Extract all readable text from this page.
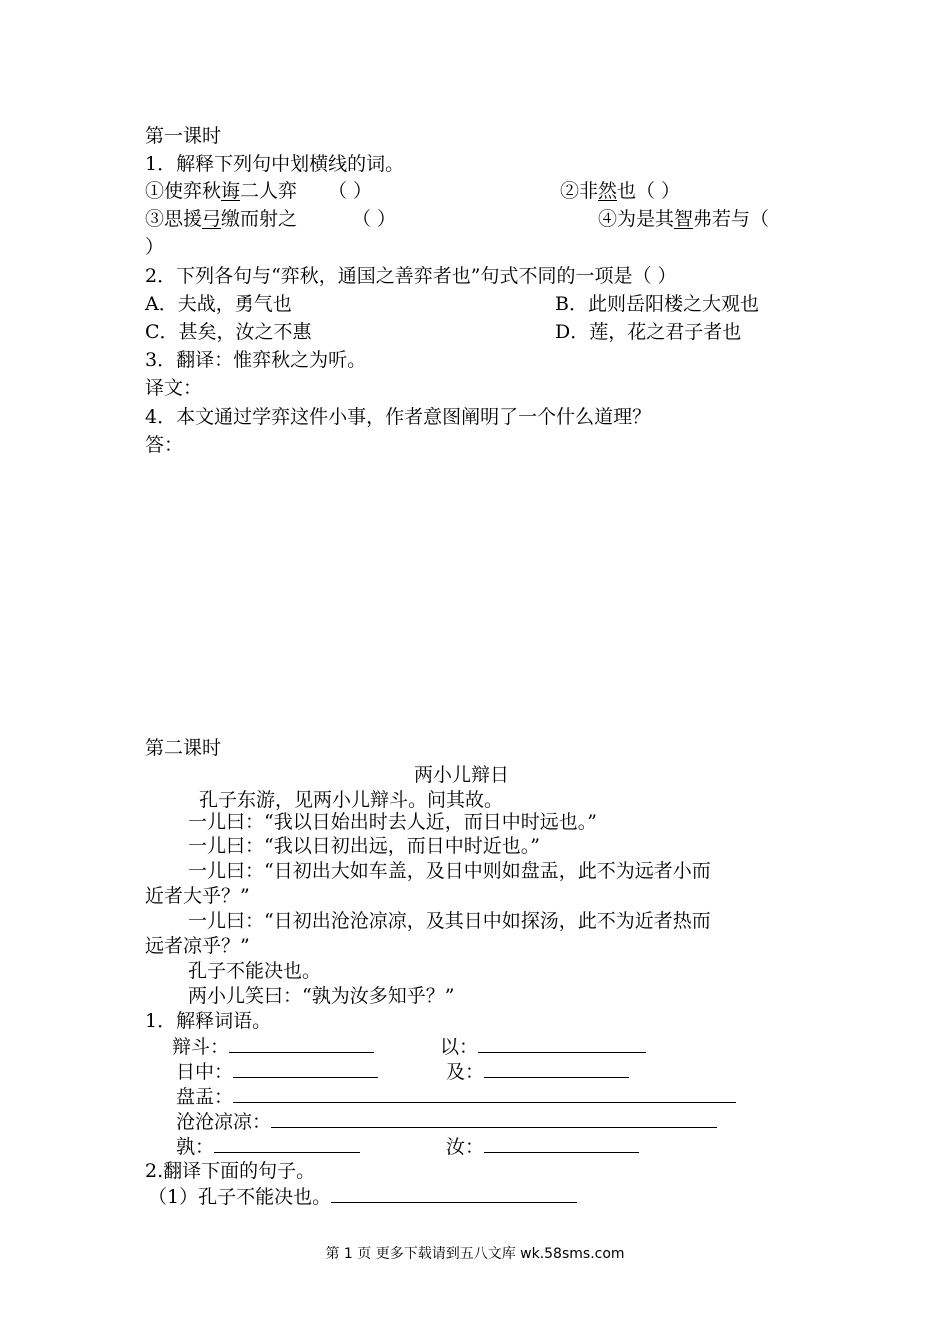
第一课时
1．解释下列句中划横线的词。
①使弈秋诲二人弈 （ ）	②非然也（ ）
③思援弓缴而射之	（ ）	④为是其智弗若与（
）
2．下列各句与“弈秋，通国之善弈者也”句式不同的一项是（ ）
A．夫战，勇气也	B．此则岳阳楼之大观也
C．甚矣，汝之不惠	D．莲，花之君子者也
3．翻译：惟弈秋之为听。
译文：
4．本文通过学弈这件小事，作者意图阐明了一个什么道理？
答：
第二课时
两小儿辩日
孔子东游，见两小儿辩斗。问其故。
一儿曰：“我以日始出时去人近，而日中时远也。”
一儿曰：“我以日初出远，而日中时近也。”
一儿曰：“日初出大如车盖，及日中则如盘盂，此不为远者小而
近者大乎？”
一儿曰：“日初出沧沧凉凉，及其日中如探汤，此不为近者热而
远者凉乎？”
孔子不能决也。
两小儿笑曰：“孰为汝多知乎？”
1．解释词语。
辩斗：	以：
日中：	及：
盘盂：
沧沧凉凉：
孰：	汝：
2.翻译下面的句子。
（1）孔子不能决也。
第 1 页 更多下载请到五八文库 wk.58sms.com
